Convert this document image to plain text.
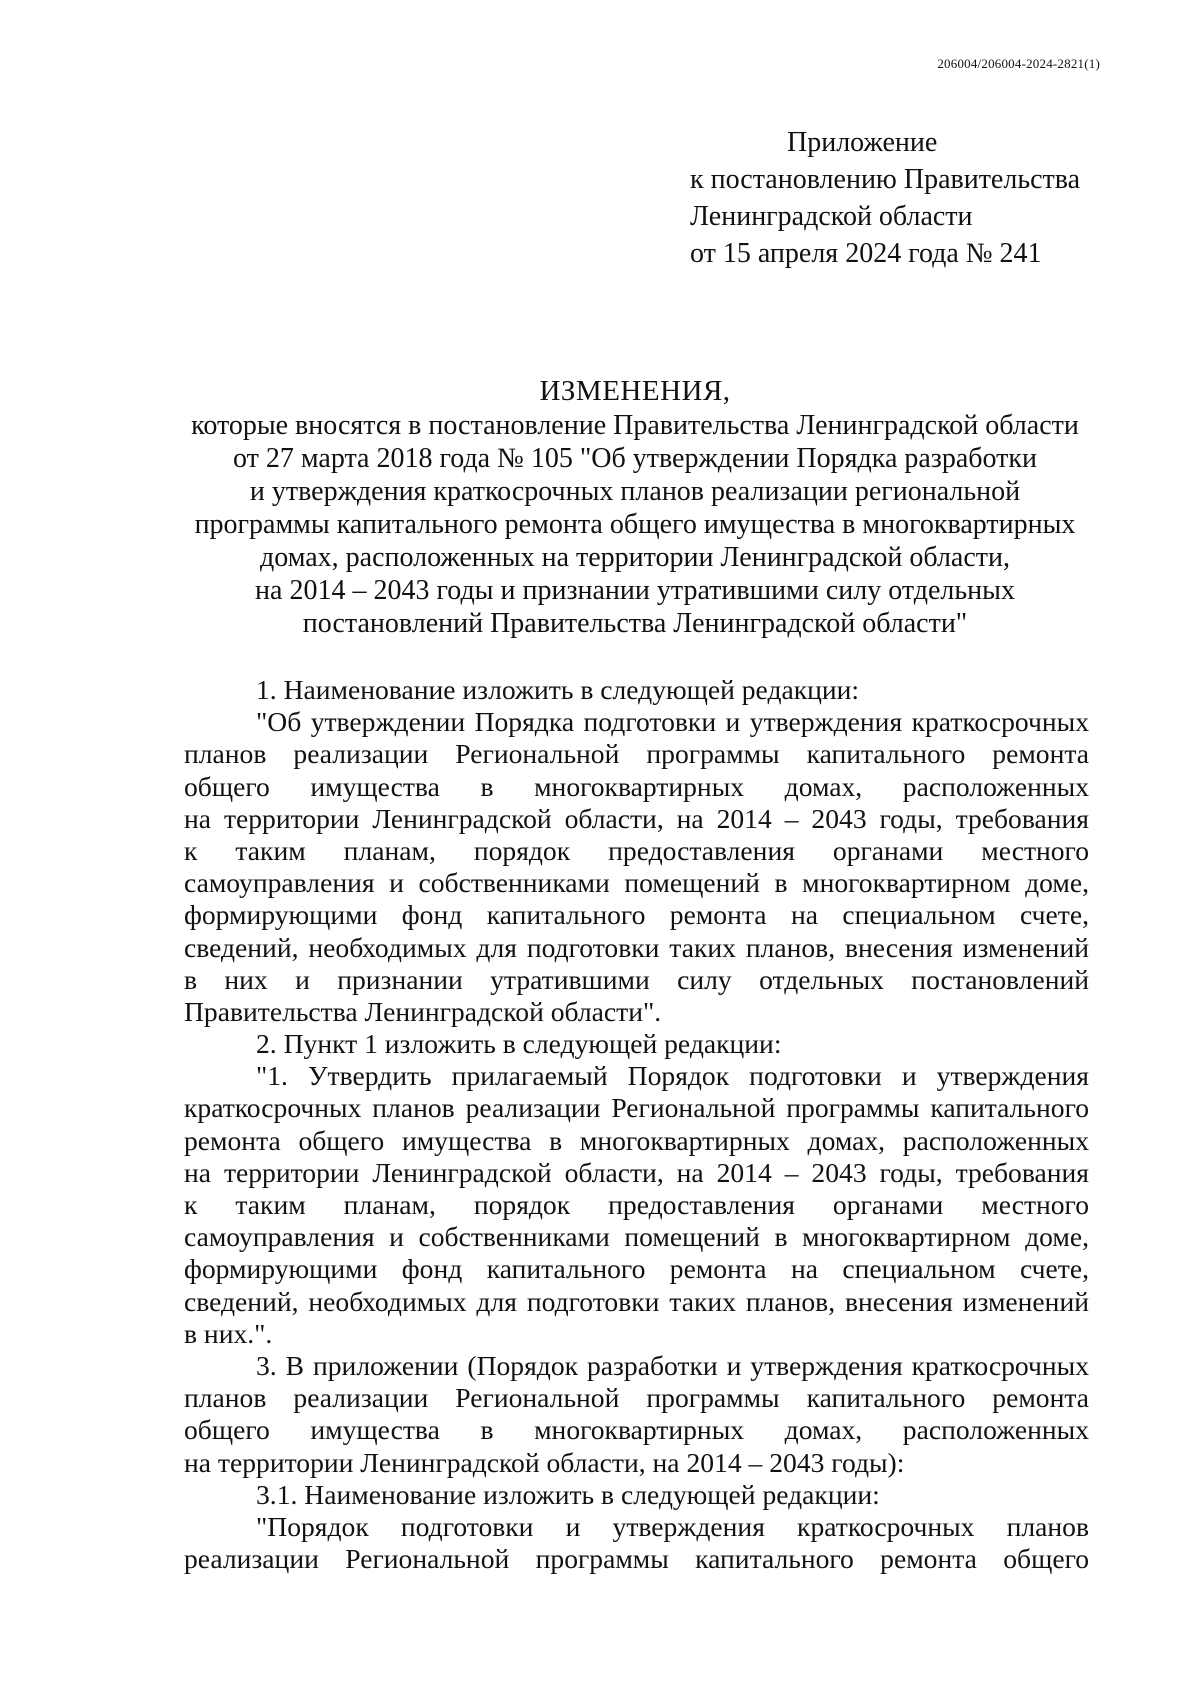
206004/206004-2024-2821(1)
Приложение
к постановлению Правительства
Ленинградской области
от 15 апреля 2024 года № 241
ИЗМЕНЕНИЯ,
которые вносятся в постановление Правительства Ленинградской области
от 27 марта 2018 года № 105 "Об утверждении Порядка разработки
и утверждения краткосрочных планов реализации региональной
программы капитального ремонта общего имущества в многоквартирных
домах, расположенных на территории Ленинградской области,
на 2014 – 2043 годы и признании утратившими силу отдельных
постановлений Правительства Ленинградской области"
1. Наименование изложить в следующей редакции:
"Об утверждении Порядка подготовки и утверждения краткосрочных
планов реализации Региональной программы капитального ремонта
общего имущества в многоквартирных домах, расположенных
на территории Ленинградской области, на 2014 – 2043 годы, требования
к таким планам, порядок предоставления органами местного
самоуправления и собственниками помещений в многоквартирном доме,
формирующими фонд капитального ремонта на специальном счете,
сведений, необходимых для подготовки таких планов, внесения изменений
в них и признании утратившими силу отдельных постановлений
Правительства Ленинградской области".
2. Пункт 1 изложить в следующей редакции:
"1. Утвердить прилагаемый Порядок подготовки и утверждения
краткосрочных планов реализации Региональной программы капитального
ремонта общего имущества в многоквартирных домах, расположенных
на территории Ленинградской области, на 2014 – 2043 годы, требования
к таким планам, порядок предоставления органами местного
самоуправления и собственниками помещений в многоквартирном доме,
формирующими фонд капитального ремонта на специальном счете,
сведений, необходимых для подготовки таких планов, внесения изменений
в них.".
3. В приложении (Порядок разработки и утверждения краткосрочных
планов реализации Региональной программы капитального ремонта
общего имущества в многоквартирных домах, расположенных
на территории Ленинградской области, на 2014 – 2043 годы):
3.1. Наименование изложить в следующей редакции:
"Порядок подготовки и утверждения краткосрочных планов
реализации Региональной программы капитального ремонта общего
